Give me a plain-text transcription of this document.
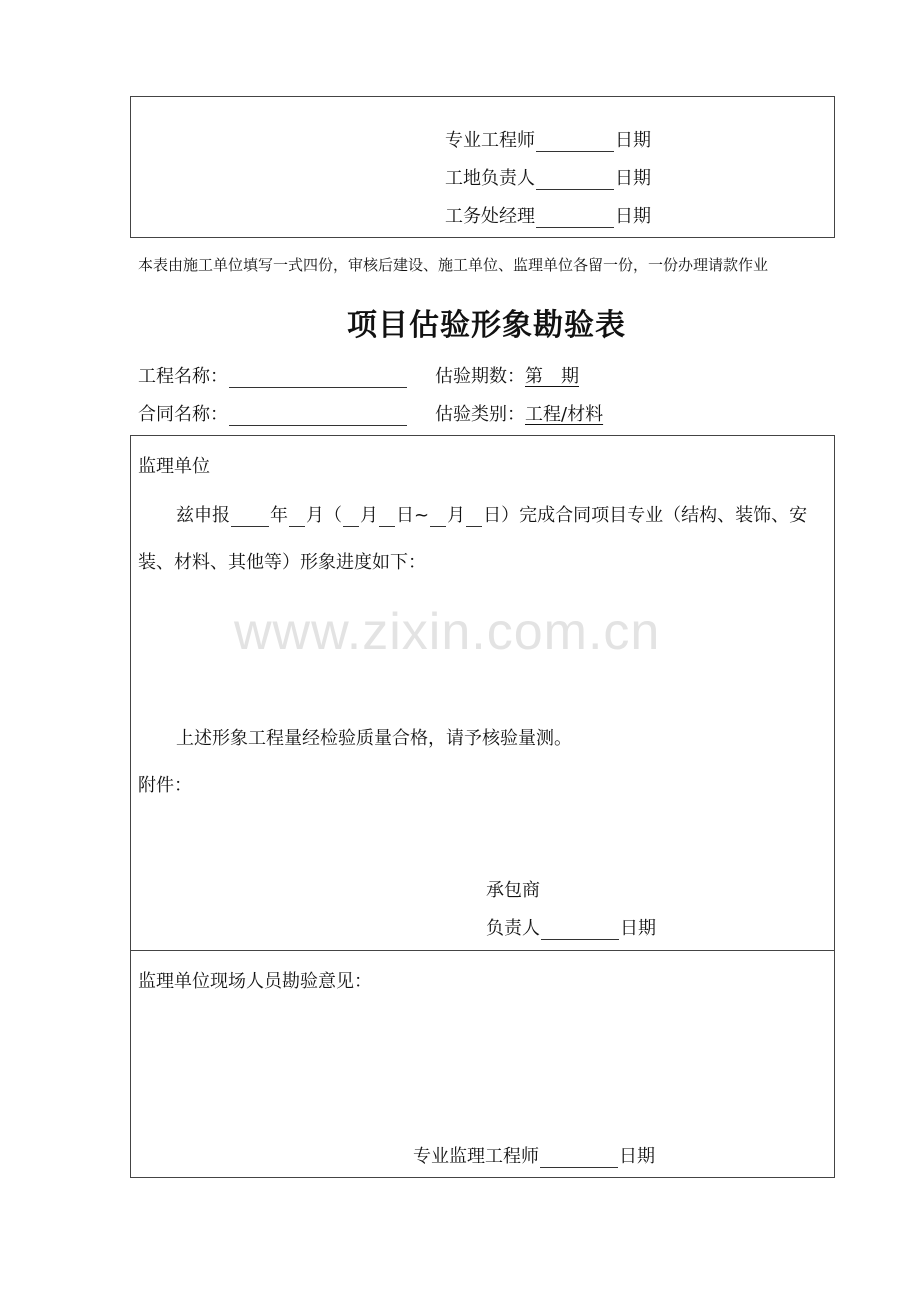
专业工程师	日期
工地负责人	日期
工务处经理	日期
本表由施工单位填写一式四份，审核后建设、施工单位、监理单位各留一份，一份办理请款作业
项目估验形象勘验表
工程名称：	估验期数： 第　期
合同名称：	估验类别： 工程/材料
监理单位
兹申报 年 月（ 月 日~ 月 日）完成合同项目专业（结构、装饰、安
装、材料、其他等）形象进度如下：
www.zixin.com.cn
上述形象工程量经检验质量合格，请予核验量测。
附件：
承包商
负责人	日期
监理单位现场人员勘验意见：
专业监理工程师	日期
